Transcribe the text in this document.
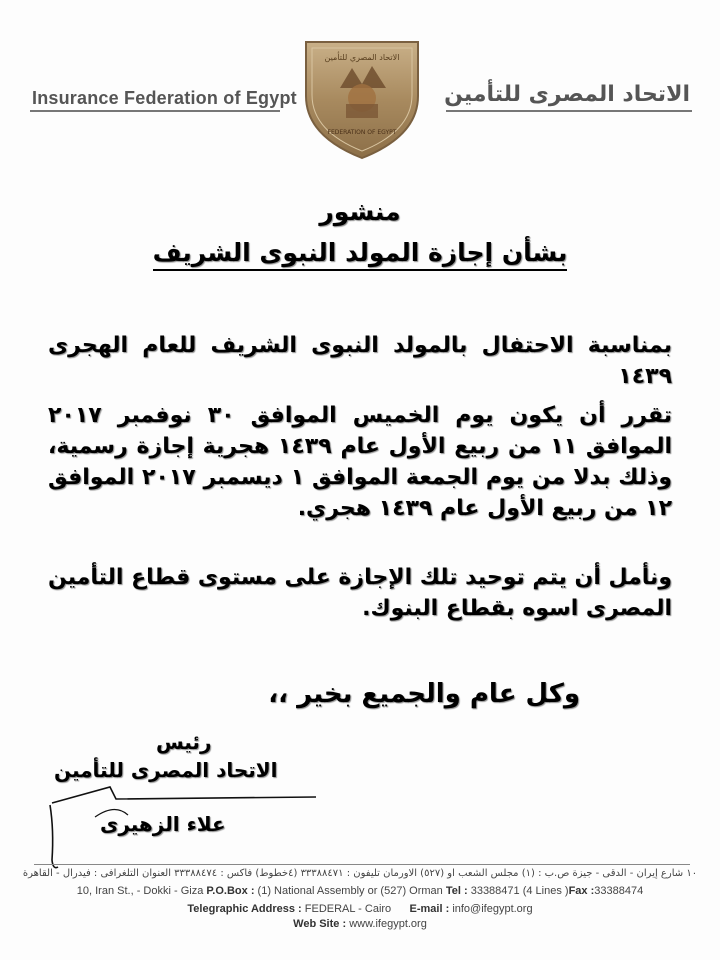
Insurance Federation of Egypt	الاتحاد المصرى للتأمين
الاتحاد المصري للتأمين
FEDERATION OF EGYPT
منشور
بشأن إجازة المولد النبوى الشريف
بمناسبة الاحتفال بالمولد النبوى الشريف للعام الهجرى ١٤٣٩
تقرر أن يكون يوم الخميس الموافق ٣٠ نوفمبر ٢٠١٧ الموافق ١١ من ربيع الأول عام ١٤٣٩ هجرية إجازة رسمية، وذلك بدلا من يوم الجمعة الموافق ١ ديسمبر ٢٠١٧ الموافق ١٢ من ربيع الأول عام ١٤٣٩ هجري.
ونأمل أن يتم توحيد تلك الإجازة على مستوى قطاع التأمين المصرى اسوه بقطاع البنوك.
وكل عام والجميع بخير ،،
رئيس
الاتحاد المصرى للتأمين
علاء الزهيرى
١٠ شارع إيران - الدقى - جيزة ص.ب : (١) مجلس الشعب او (٥٢٧) الاورمان تليفون : ٣٣٣٨٨٤٧١ (٤خطوط) فاكس : ٣٣٣٨٨٤٧٤ العنوان التلغرافى : فيدرال - القاهرة
10, Iran St., - Dokki - Giza P.O.Box : (1) National Assembly or (527) Orman Tel : 33388471 (4 Lines )Fax :33388474
Telegraphic Address : FEDERAL - Cairo E-mail : info@ifegypt.org
Web Site : www.ifegypt.org
